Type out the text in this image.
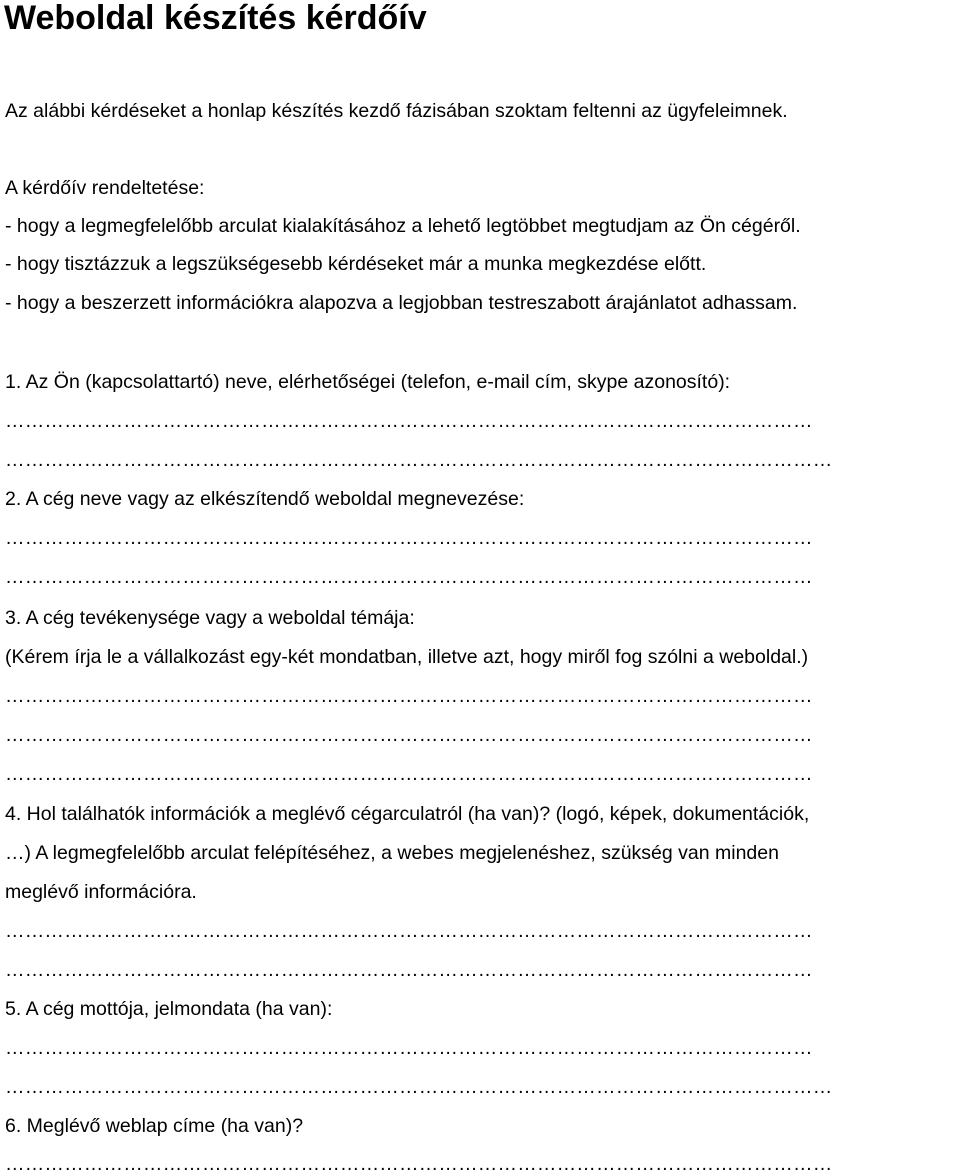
Weboldal készítés kérdőív
Az alábbi kérdéseket a honlap készítés kezdő fázisában szoktam feltenni az ügyfeleimnek.
A kérdőív rendeltetése:
- hogy a legmegfelelőbb arculat kialakításához a lehető legtöbbet megtudjam az Ön cégéről.
- hogy tisztázzuk a legszükségesebb kérdéseket már a munka megkezdése előtt.
- hogy a beszerzett információkra alapozva a legjobban testreszabott árajánlatot adhassam.
1. Az Ön (kapcsolattartó) neve, elérhetőségei (telefon, e-mail cím, skype azonosító):
……………………………………………………………………………………………………………
………………………………………………………………………………………………………………
2. A cég neve vagy az elkészítendő weboldal megnevezése:
……………………………………………………………………………………………………………
……………………………………………………………………………………………………………
3. A cég tevékenysége vagy a weboldal témája:
(Kérem írja le a vállalkozást egy-két mondatban, illetve azt, hogy miről fog szólni a weboldal.)
……………………………………………………………………………………………………………
……………………………………………………………………………………………………………
……………………………………………………………………………………………………………
4. Hol találhatók információk a meglévő cégarculatról (ha van)? (logó, képek, dokumentációk,
…) A legmegfelelőbb arculat felépítéséhez, a webes megjelenéshez, szükség van minden
meglévő információra.
……………………………………………………………………………………………………………
……………………………………………………………………………………………………………
5. A cég mottója, jelmondata (ha van):
……………………………………………………………………………………………………………
………………………………………………………………………………………………………………
6. Meglévő weblap címe (ha van)?
………………………………………………………………………………………………………………
